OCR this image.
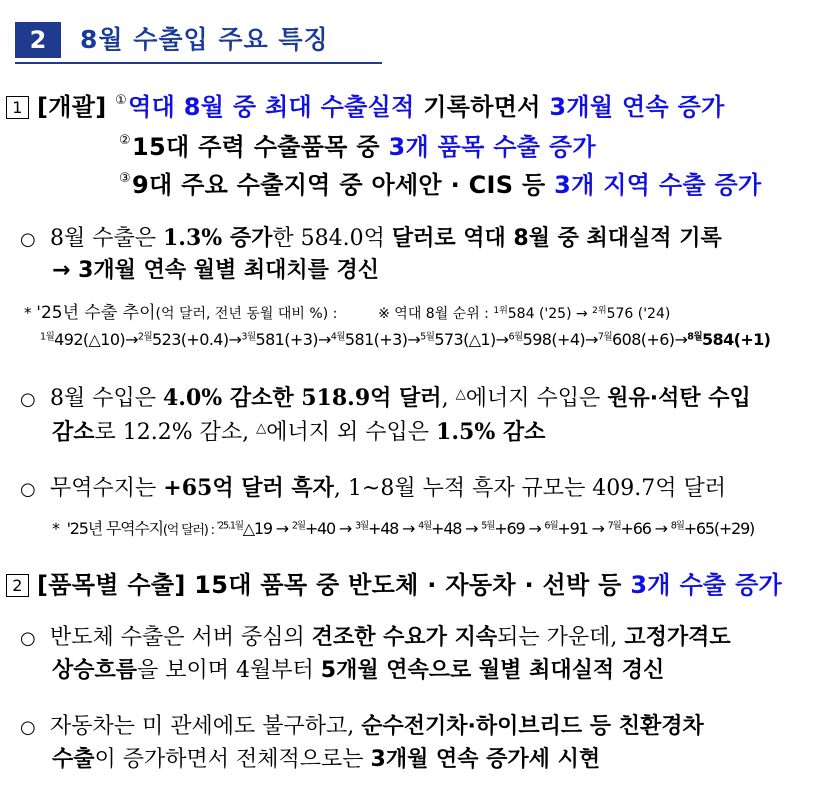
2	8월 수출입 주요 특징
1 [개괄] ①역대 8월 중 최대 수출실적 기록하면서 3개월 연속 증가
②15대 주력 수출품목 중 3개 품목 수출 증가
③9대 주요 수출지역 중 아세안 · CIS 등 3개 지역 수출 증가
○ 8월 수출은 1.3% 증가한 584.0억 달러로 역대 8월 중 최대실적 기록
→ 3개월 연속 월별 최대치를 경신
* '25년 수출 추이(억 달러, 전년 동월 대비 %) :	※ 역대 8월 순위 : $^{1위}$584 ('25) → $^{2위}$576 ('24)
$^{1월}$492(△10)→$^{2월}$523(+0.4)→$^{3월}$581(+3)→$^{4월}$581(+3)→$^{5월}$573(△1)→$^{6월}$598(+4)→$^{7월}$608(+6)→$^{8월}$584(+1)
○ 8월 수입은 4.0% 감소한 518.9억 달러, △에너지 수입은 원유·석탄 수입
감소로 12.2% 감소, △에너지 외 수입은 1.5% 감소
○ 무역수지는 +65억 달러 흑자, 1~8월 누적 흑자 규모는 409.7억 달러
* '25년 무역수지(억 달러) : $^{'25.1월}$△19 → $^{2월}$+40 → $^{3월}$+48 → $^{4월}$+48 → $^{5월}$+69 → $^{6월}$+91 → $^{7월}$+66 → $^{8월}$+65(+29)
2 [품목별 수출] 15대 품목 중 반도체 · 자동차 · 선박 등 3개 수출 증가
○ 반도체 수출은 서버 중심의 견조한 수요가 지속되는 가운데, 고정가격도
상승흐름을 보이며 4월부터 5개월 연속으로 월별 최대실적 경신
○ 자동차는 미 관세에도 불구하고, 순수전기차·하이브리드 등 친환경차
수출이 증가하면서 전체적으로는 3개월 연속 증가세 시현
